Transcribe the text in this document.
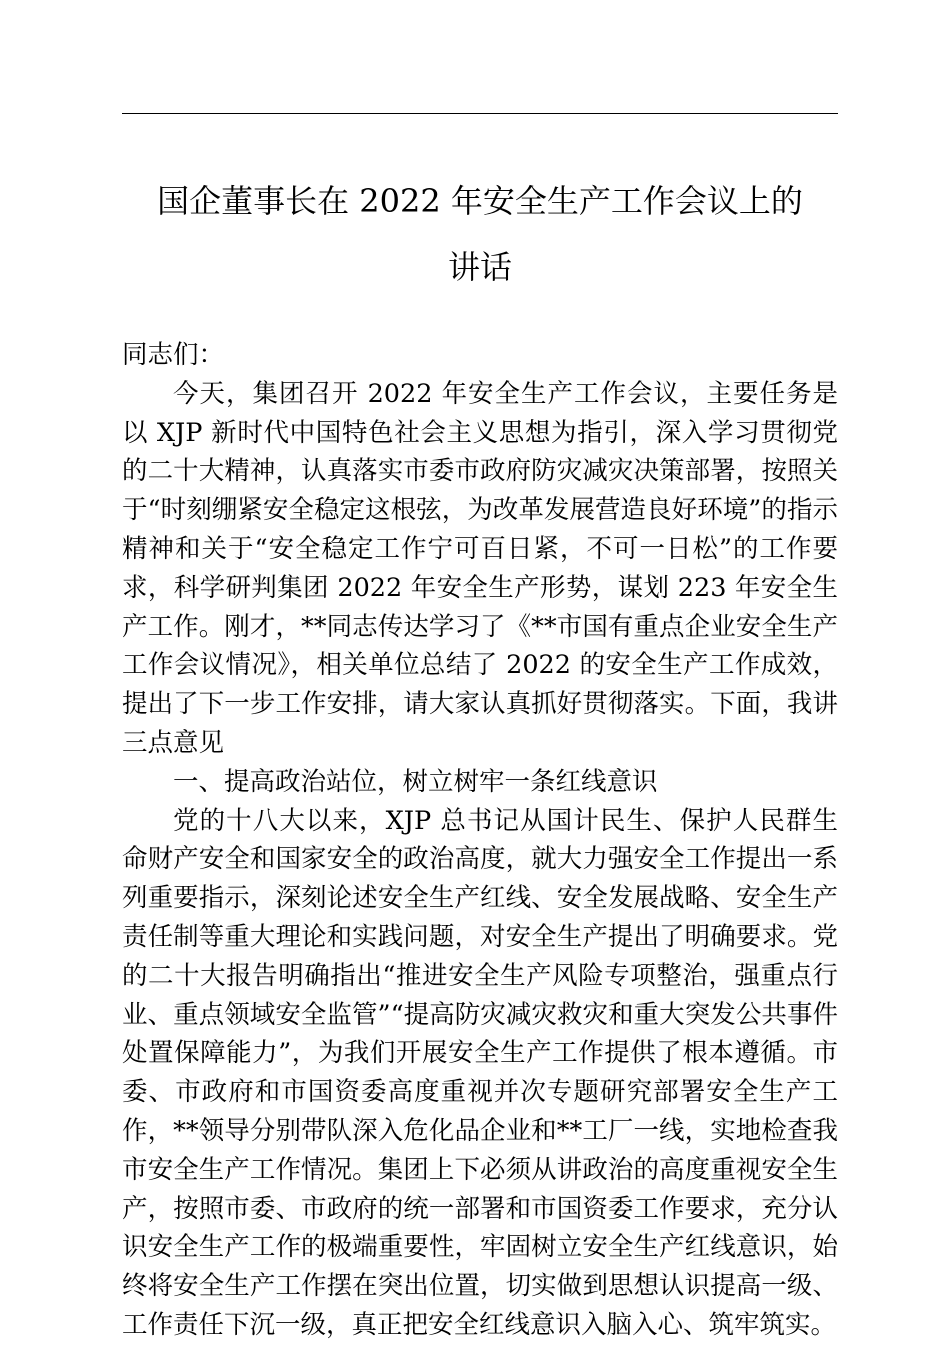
国企董事长在 2022 年安全生产工作会议上的
讲话

同志们：

今天，集团召开 2022 年安全生产工作会议，主要任务是以 XJP 新时代中国特色社会主义思想为指引，深入学习贯彻党的二十大精神，认真落实市委市政府防灾减灾决策部署，按照关于“时刻绷紧安全稳定这根弦，为改革发展营造良好环境”的指示精神和关于“安全稳定工作宁可百日紧，不可一日松”的工作要求，科学研判集团 2022 年安全生产形势，谋划 223 年安全生产工作。刚才，**同志传达学习了《**市国有重点企业安全生产工作会议情况》，相关单位总结了 2022 的安全生产工作成效，提出了下一步工作安排，请大家认真抓好贯彻落实。下面，我讲三点意见

一、提高政治站位，树立树牢一条红线意识

党的十八大以来，XJP 总书记从国计民生、保护人民群生命财产安全和国家安全的政治高度，就大力强安全工作提出一系列重要指示，深刻论述安全生产红线、安全发展战略、安全生产责任制等重大理论和实践问题，对安全生产提出了明确要求。党的二十大报告明确指出“推进安全生产风险专项整治，强重点行业、重点领域安全监管”“提高防灾减灾救灾和重大突发公共事件处置保障能力”，为我们开展安全生产工作提供了根本遵循。市委、市政府和市国资委高度重视并次专题研究部署安全生产工作，**领导分别带队深入危化品企业和**工厂一线，实地检查我市安全生产工作情况。集团上下必须从讲政治的高度重视安全生产，按照市委、市政府的统一部署和市国资委工作要求，充分认识安全生产工作的极端重要性，牢固树立安全生产红线意识，始终将安全生产工作摆在突出位置，切实做到思想认识提高一级、工作责任下沉一级，真正把安全红线意识入脑入心、筑牢筑实。
